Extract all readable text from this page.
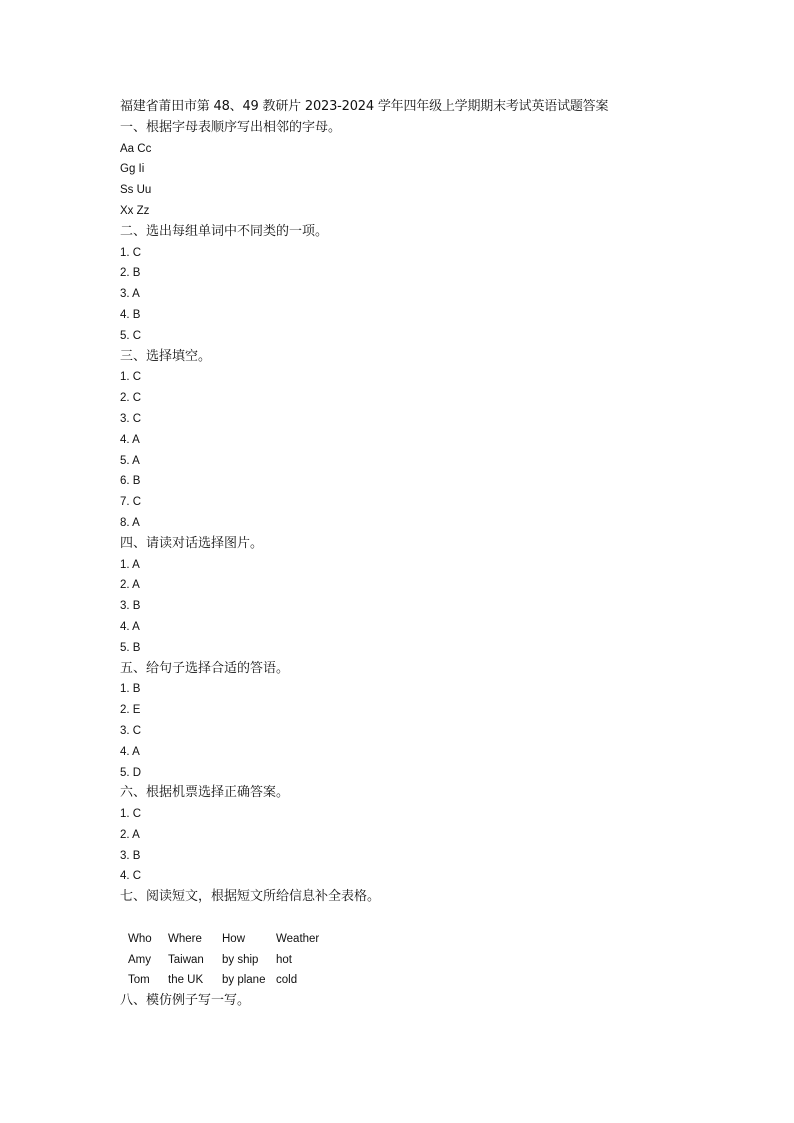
福建省莆田市第 48、49 教研片 2023-2024 学年四年级上学期期末考试英语试题答案
一、根据字母表顺序写出相邻的字母。
Aa Cc
Gg Ii
Ss Uu
Xx Zz
二、选出每组单词中不同类的一项。
1. C
2. B
3. A
4. B
5. C
三、选择填空。
1. C
2. C
3. C
4. A
5. A
6. B
7. C
8. A
四、请读对话选择图片。
1. A
2. A
3. B
4. A
5. B
五、给句子选择合适的答语。
1. B
2. E
3. C
4. A
5. D
六、根据机票选择正确答案。
1. C
2. A
3. B
4. C
七、阅读短文，根据短文所给信息补全表格。
Who	Where	How	Weather
Amy	Taiwan	by ship	hot
Tom	the UK	by plane	cold
八、模仿例子写一写。
